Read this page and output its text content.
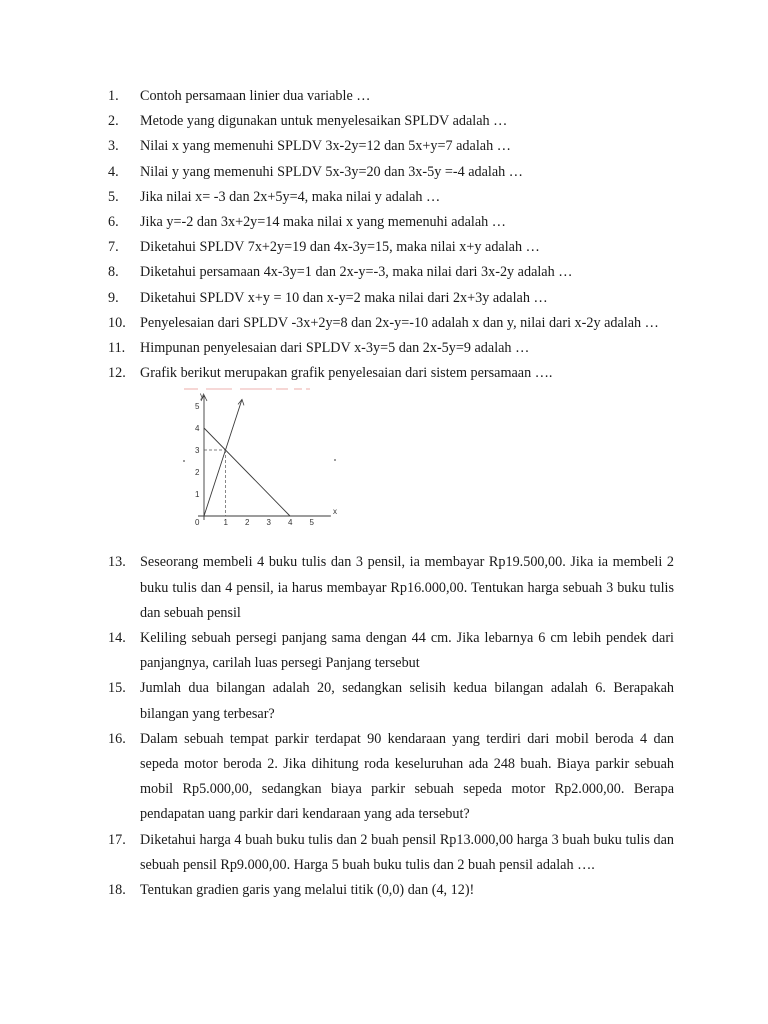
1.	Contoh persamaan linier dua variable …
2.	Metode yang digunakan untuk menyelesaikan SPLDV adalah …
3.	Nilai x yang memenuhi SPLDV 3x-2y=12 dan 5x+y=7 adalah …
4.	Nilai y yang memenuhi SPLDV 5x-3y=20 dan 3x-5y =-4 adalah …
5.	Jika nilai x= -3 dan 2x+5y=4, maka nilai y adalah …
6.	Jika y=-2 dan 3x+2y=14 maka nilai x yang memenuhi adalah …
7.	Diketahui SPLDV 7x+2y=19 dan 4x-3y=15, maka nilai x+y adalah …
8.	Diketahui persamaan 4x-3y=1 dan 2x-y=-3, maka nilai dari 3x-2y adalah …
9.	Diketahui SPLDV x+y = 10 dan x-y=2 maka nilai dari 2x+3y adalah …
10.	Penyelesaian dari SPLDV -3x+2y=8 dan 2x-y=-10 adalah x dan y, nilai dari x-2y adalah …
11.	Himpunan penyelesaian dari SPLDV x-3y=5 dan 2x-5y=9 adalah …
12.	Grafik berikut merupakan grafik penyelesaian dari sistem persamaan ….
x
y
0	1 2 3 4 5
1
2
3
4
5
13.	Seseorang membeli 4 buku tulis dan 3 pensil, ia membayar Rp19.500,00. Jika ia membeli 2 buku tulis dan 4 pensil, ia harus membayar Rp16.000,00. Tentukan harga sebuah 3 buku tulis dan sebuah pensil
14.	Keliling sebuah persegi panjang sama dengan 44 cm. Jika lebarnya 6 cm lebih pendek dari panjangnya, carilah luas persegi Panjang tersebut
15.	Jumlah dua bilangan adalah 20, sedangkan selisih kedua bilangan adalah 6. Berapakah bilangan yang terbesar?
16.	Dalam sebuah tempat parkir terdapat 90 kendaraan yang terdiri dari mobil beroda 4 dan sepeda motor beroda 2. Jika dihitung roda keseluruhan ada 248 buah. Biaya parkir sebuah mobil Rp5.000,00, sedangkan biaya parkir sebuah sepeda motor Rp2.000,00. Berapa pendapatan uang parkir dari kendaraan yang ada tersebut?
17.	Diketahui harga 4 buah buku tulis dan 2 buah pensil Rp13.000,00 harga 3 buah buku tulis dan sebuah pensil Rp9.000,00. Harga 5 buah buku tulis dan 2 buah pensil adalah ….
18.	Tentukan gradien garis yang melalui titik (0,0) dan (4, 12)!
